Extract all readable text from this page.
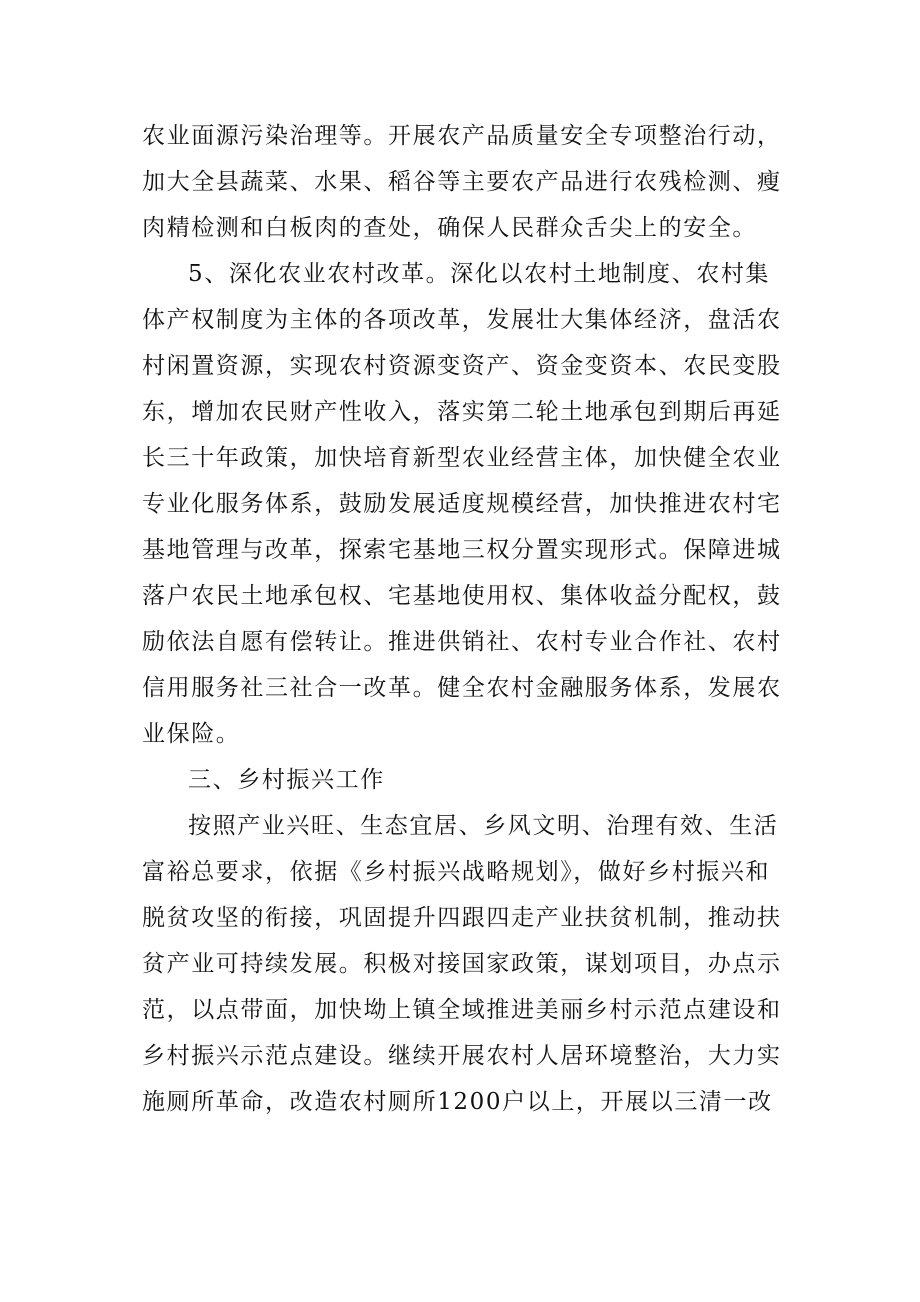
农业面源污染治理等。开展农产品质量安全专项整治行动，
加大全县蔬菜、水果、稻谷等主要农产品进行农残检测、瘦
肉精检测和白板肉的查处，确保人民群众舌尖上的安全。
5、深化农业农村改革。深化以农村土地制度、农村集
体产权制度为主体的各项改革，发展壮大集体经济，盘活农
村闲置资源，实现农村资源变资产、资金变资本、农民变股
东，增加农民财产性收入，落实第二轮土地承包到期后再延
长三十年政策，加快培育新型农业经营主体，加快健全农业
专业化服务体系，鼓励发展适度规模经营，加快推进农村宅
基地管理与改革，探索宅基地三权分置实现形式。保障进城
落户农民土地承包权、宅基地使用权、集体收益分配权，鼓
励依法自愿有偿转让。推进供销社、农村专业合作社、农村
信用服务社三社合一改革。健全农村金融服务体系，发展农
业保险。
三、乡村振兴工作
按照产业兴旺、生态宜居、乡风文明、治理有效、生活
富裕总要求，依据《乡村振兴战略规划》，做好乡村振兴和
脱贫攻坚的衔接，巩固提升四跟四走产业扶贫机制，推动扶
贫产业可持续发展。积极对接国家政策，谋划项目，办点示
范，以点带面，加快坳上镇全域推进美丽乡村示范点建设和
乡村振兴示范点建设。继续开展农村人居环境整治，大力实
施厕所革命，改造农村厕所1200户以上，开展以三清一改
